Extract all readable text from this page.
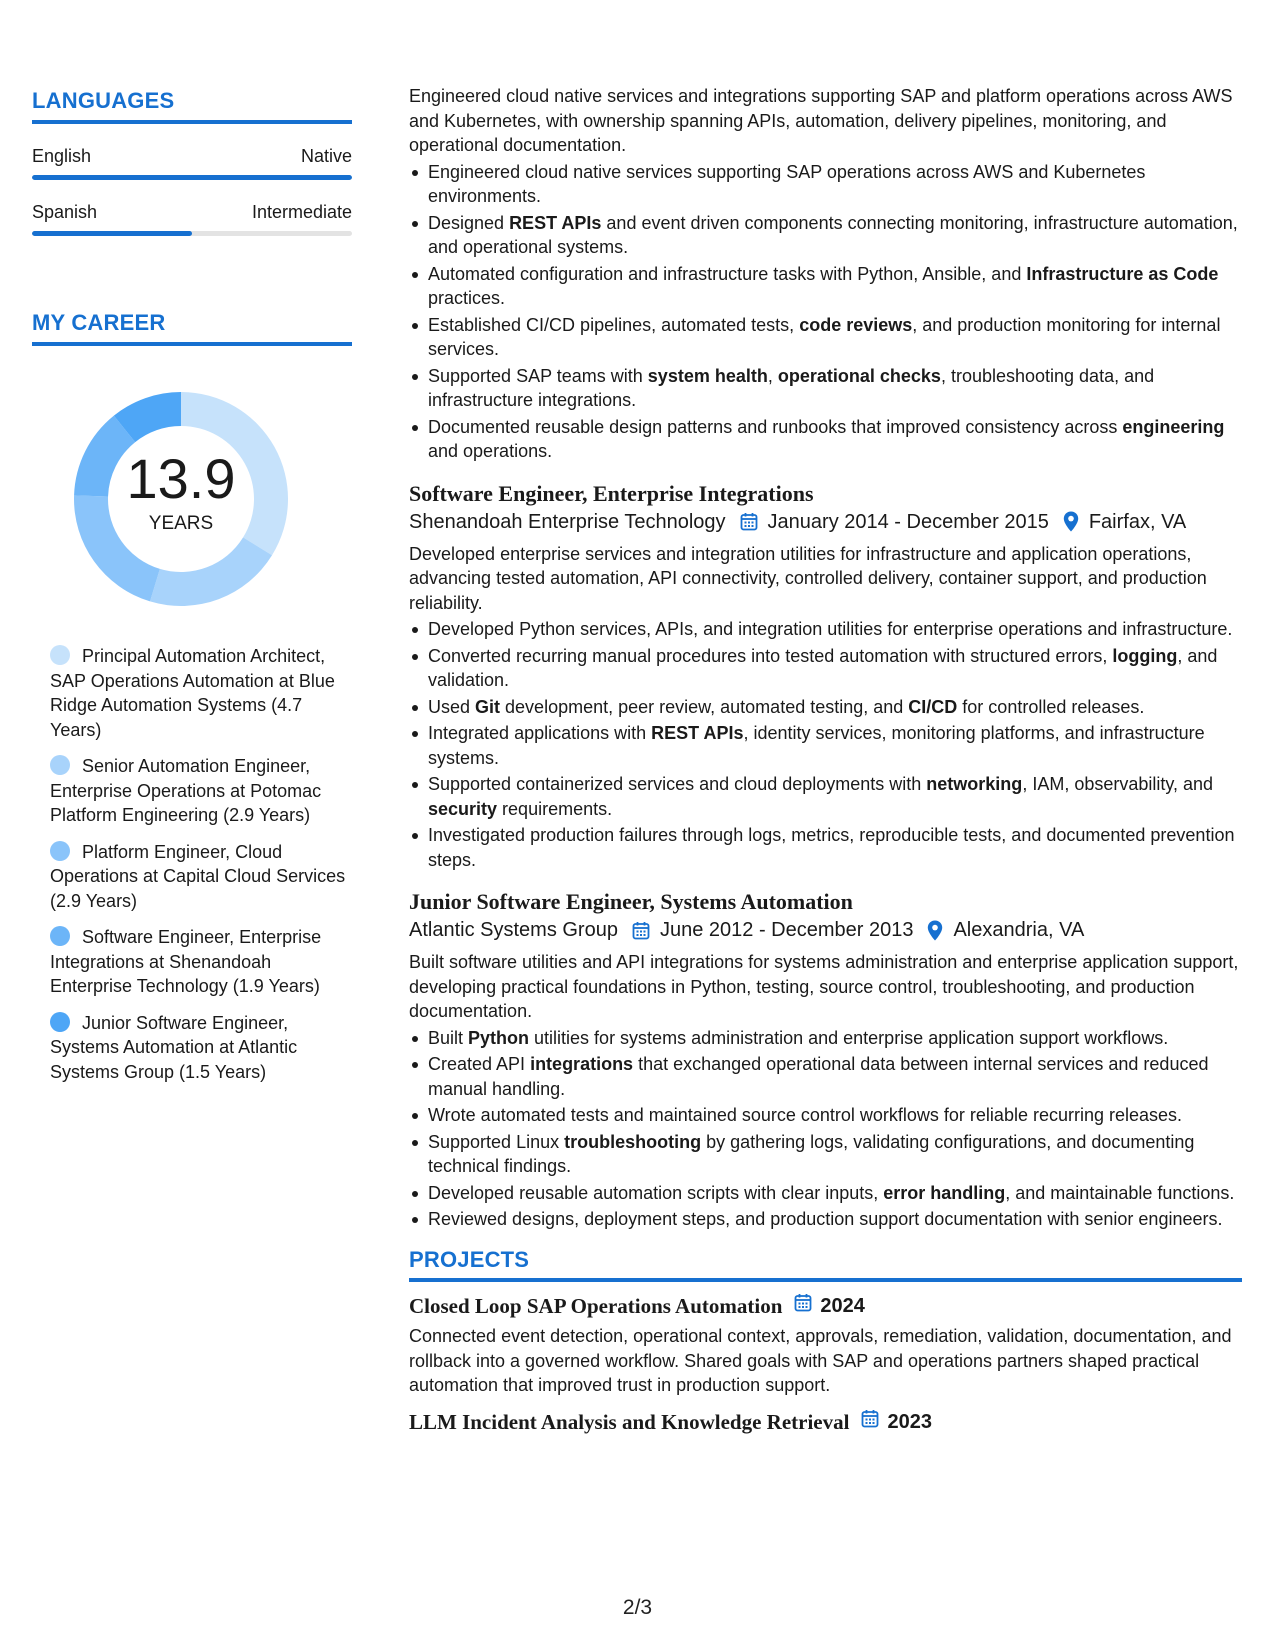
LANGUAGES
English	Native
Spanish	Intermediate
MY CAREER
13.9
YEARS
Principal Automation Architect, SAP Operations Automation at Blue Ridge Automation Systems (4.7 Years)
Senior Automation Engineer, Enterprise Operations at Potomac Platform Engineering (2.9 Years)
Platform Engineer, Cloud Operations at Capital Cloud Services (2.9 Years)
Software Engineer, Enterprise Integrations at Shenandoah Enterprise Technology (1.9 Years)
Junior Software Engineer, Systems Automation at Atlantic Systems Group (1.5 Years)

Engineered cloud native services and integrations supporting SAP and platform operations across AWS and Kubernetes, with ownership spanning APIs, automation, delivery pipelines, monitoring, and operational documentation.

Engineered cloud native services supporting SAP operations across AWS and Kubernetes environments.
Designed REST APIs and event driven components connecting monitoring, infrastructure automation, and operational systems.
Automated configuration and infrastructure tasks with Python, Ansible, and Infrastructure as Code practices.
Established CI/CD pipelines, automated tests, code reviews, and production monitoring for internal services.
Supported SAP teams with system health, operational checks, troubleshooting data, and infrastructure integrations.
Documented reusable design patterns and runbooks that improved consistency across engineering and operations.
Software Engineer, Enterprise Integrations
Shenandoah Enterprise Technology January 2014 - December 2015 Fairfax, VA

Developed enterprise services and integration utilities for infrastructure and application operations, advancing tested automation, API connectivity, controlled delivery, container support, and production reliability.

Developed Python services, APIs, and integration utilities for enterprise operations and infrastructure.
Converted recurring manual procedures into tested automation with structured errors, logging, and validation.
Used Git development, peer review, automated testing, and CI/CD for controlled releases.
Integrated applications with REST APIs, identity services, monitoring platforms, and infrastructure systems.
Supported containerized services and cloud deployments with networking, IAM, observability, and security requirements.
Investigated production failures through logs, metrics, reproducible tests, and documented prevention steps.
Junior Software Engineer, Systems Automation
Atlantic Systems Group June 2012 - December 2013 Alexandria, VA

Built software utilities and API integrations for systems administration and enterprise application support, developing practical foundations in Python, testing, source control, troubleshooting, and production documentation.

Built Python utilities for systems administration and enterprise application support workflows.
Created API integrations that exchanged operational data between internal services and reduced manual handling.
Wrote automated tests and maintained source control workflows for reliable recurring releases.
Supported Linux troubleshooting by gathering logs, validating configurations, and documenting technical findings.
Developed reusable automation scripts with clear inputs, error handling, and maintainable functions.
Reviewed designs, deployment steps, and production support documentation with senior engineers.
PROJECTS
Closed Loop SAP Operations Automation 2024

Connected event detection, operational context, approvals, remediation, validation, documentation, and rollback into a governed workflow. Shared goals with SAP and operations partners shaped practical automation that improved trust in production support.

LLM Incident Analysis and Knowledge Retrieval 2023
2/3
